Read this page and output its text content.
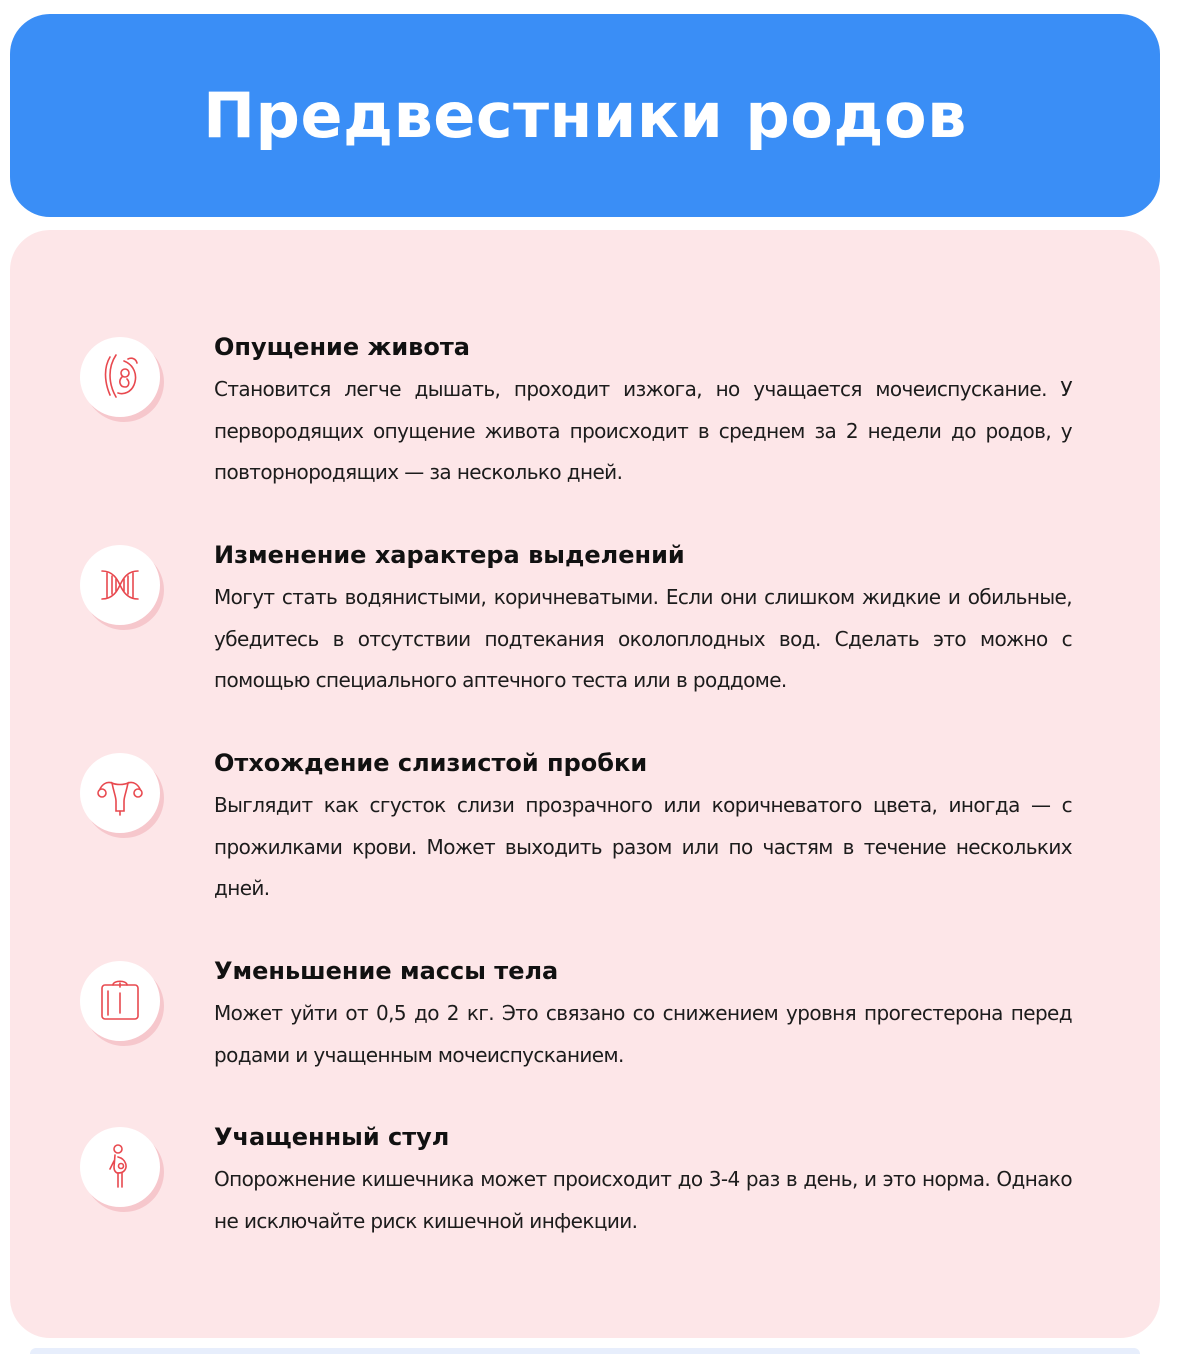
Предвестники родов
Опущение живота

Становится легче дышать, проходит изжога, но учащается мочеиспускание. У первородящих опущение живота происходит в среднем за 2 недели до родов, у повторнородящих — за несколько дней.

Изменение характера выделений

Могут стать водянистыми, коричневатыми. Если они слишком жидкие и обильные, убедитесь в отсутствии подтекания околоплодных вод. Сделать это можно с помощью специального аптечного теста или в роддоме.

Отхождение слизистой пробки

Выглядит как сгусток слизи прозрачного или коричневатого цвета, иногда — с прожилками крови. Может выходить разом или по частям в течение нескольких дней.

Уменьшение массы тела

Может уйти от 0,5 до 2 кг. Это связано со снижением уровня прогестерона перед родами и учащенным мочеиспусканием.

Учащенный стул

Опорожнение кишечника может происходит до 3-4 раз в день, и это норма. Однако не исключайте риск кишечной инфекции.
